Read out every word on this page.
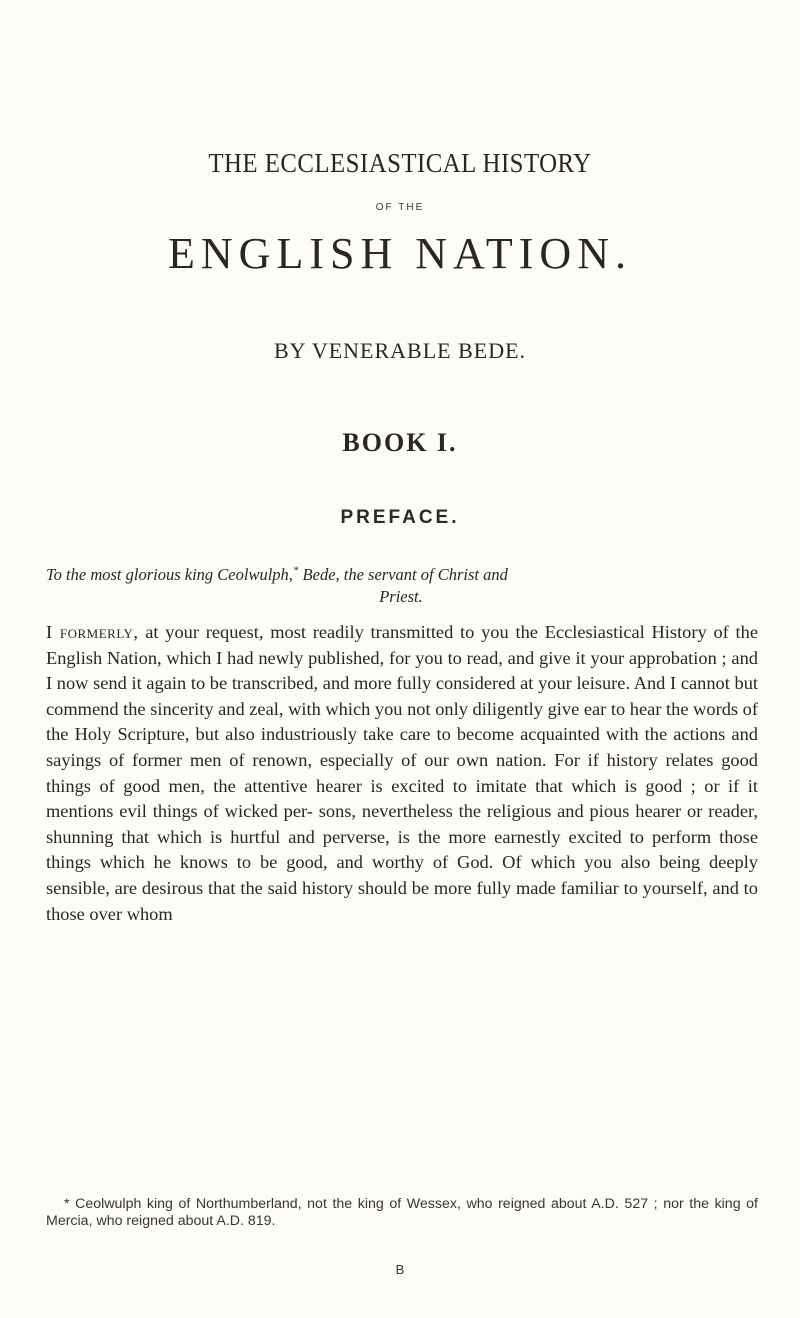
THE ECCLESIASTICAL HISTORY

OF THE

ENGLISH NATION.

BY VENERABLE BEDE.

BOOK I.
PREFACE.

To the most glorious king Ceolwulph,* Bede, the servant of Christ and
Priest.

I formerly, at your request, most readily transmitted to you the Ecclesiastical History of the English Nation, which I had newly published, for you to read, and give it your approbation ; and I now send it again to be transcribed, and more fully considered at your leisure. And I cannot but commend the sincerity and zeal, with which you not only diligently give ear to hear the words of the Holy Scripture, but also industriously take care to become acquainted with the actions and sayings of former men of renown, especially of our own nation. For if history relates good things of good men, the attentive hearer is excited to imitate that which is good ; or if it mentions evil things of wicked per- sons, nevertheless the religious and pious hearer or reader, shunning that which is hurtful and perverse, is the more earnestly excited to perform those things which he knows to be good, and worthy of God. Of which you also being deeply sensible, are desirous that the said history should be more fully made familiar to yourself, and to those over whom

* Ceolwulph king of Northumberland, not the king of Wessex, who reigned about A.D. 527 ; nor the king of Mercia, who reigned about A.D. 819.

B
